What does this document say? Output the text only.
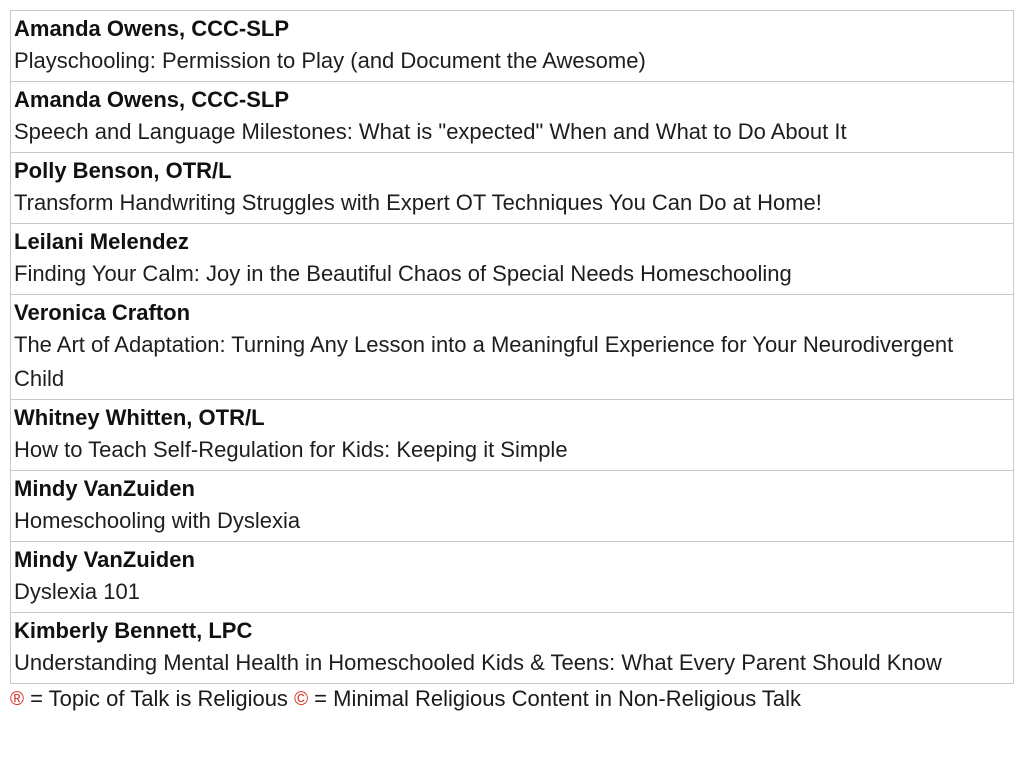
Amanda Owens, CCC-SLP
Playschooling: Permission to Play (and Document the Awesome)

Amanda Owens, CCC-SLP
Speech and Language Milestones: What is "expected" When and What to Do About It

Polly Benson, OTR/L
Transform Handwriting Struggles with Expert OT Techniques You Can Do at Home!

Leilani Melendez
Finding Your Calm: Joy in the Beautiful Chaos of Special Needs Homeschooling

Veronica Crafton
The Art of Adaptation: Turning Any Lesson into a Meaningful Experience for Your Neurodivergent Child

Whitney Whitten, OTR/L
How to Teach Self-Regulation for Kids: Keeping it Simple

Mindy VanZuiden
Homeschooling with Dyslexia

Mindy VanZuiden
Dyslexia 101

Kimberly Bennett, LPC
Understanding Mental Health in Homeschooled Kids & Teens: What Every Parent Should Know
® = Topic of Talk is Religious © = Minimal Religious Content in Non-Religious Talk
